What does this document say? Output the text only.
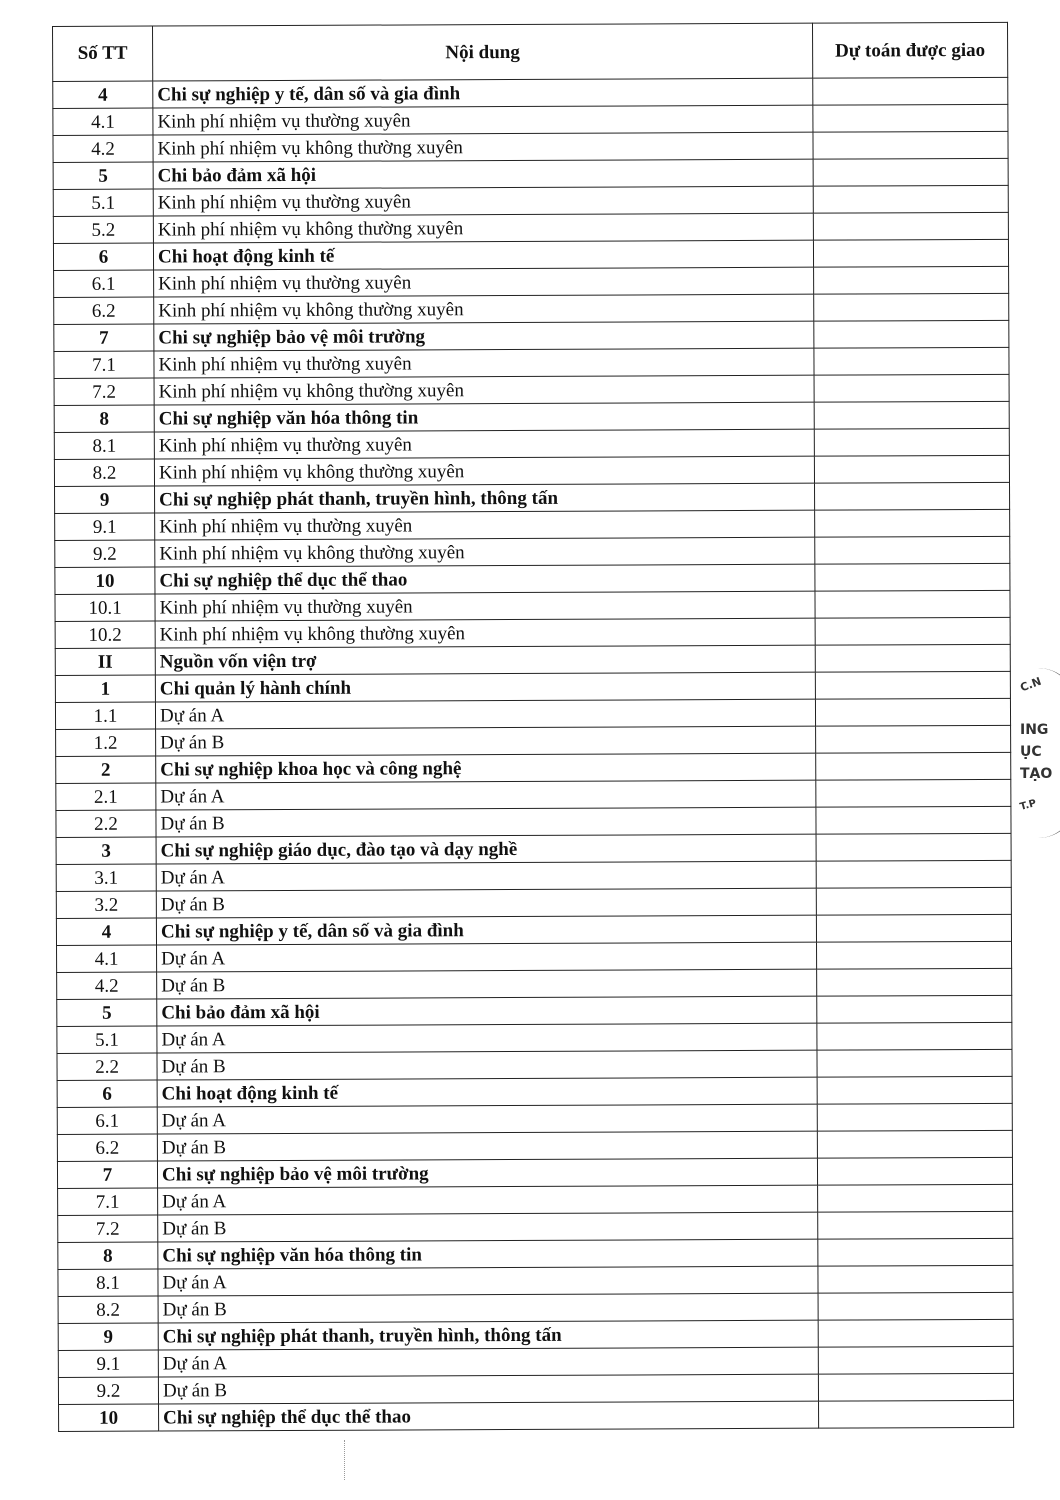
Số TT	Nội dung	Dự toán được giao
4	Chi sự nghiệp y tế, dân số và gia đình	
4.1	Kinh phí nhiệm vụ thường xuyên	
4.2	Kinh phí nhiệm vụ không thường xuyên	
5	Chi bảo đảm xã hội	
5.1	Kinh phí nhiệm vụ thường xuyên	
5.2	Kinh phí nhiệm vụ không thường xuyên	
6	Chi hoạt động kinh tế	
6.1	Kinh phí nhiệm vụ thường xuyên	
6.2	Kinh phí nhiệm vụ không thường xuyên	
7	Chi sự nghiệp bảo vệ môi trường	
7.1	Kinh phí nhiệm vụ thường xuyên	
7.2	Kinh phí nhiệm vụ không thường xuyên	
8	Chi sự nghiệp văn hóa thông tin	
8.1	Kinh phí nhiệm vụ thường xuyên	
8.2	Kinh phí nhiệm vụ không thường xuyên	
9	Chi sự nghiệp phát thanh, truyền hình, thông tấn	
9.1	Kinh phí nhiệm vụ thường xuyên	
9.2	Kinh phí nhiệm vụ không thường xuyên	
10	Chi sự nghiệp thể dục thể thao	
10.1	Kinh phí nhiệm vụ thường xuyên	
10.2	Kinh phí nhiệm vụ không thường xuyên	
II	Nguồn vốn viện trợ	
1	Chi quản lý hành chính	
1.1	Dự án A	
1.2	Dự án B	
2	Chi sự nghiệp khoa học và công nghệ	
2.1	Dự án A	
2.2	Dự án B	
3	Chi sự nghiệp giáo dục, đào tạo và dạy nghề	
3.1	Dự án A	
3.2	Dự án B	
4	Chi sự nghiệp y tế, dân số và gia đình	
4.1	Dự án A	
4.2	Dự án B	
5	Chi bảo đảm xã hội	
5.1	Dự án A	
2.2	Dự án B	
6	Chi hoạt động kinh tế	
6.1	Dự án A	
6.2	Dự án B	
7	Chi sự nghiệp bảo vệ môi trường	
7.1	Dự án A	
7.2	Dự án B	
8	Chi sự nghiệp văn hóa thông tin	
8.1	Dự án A	
8.2	Dự án B	
9	Chi sự nghiệp phát thanh, truyền hình, thông tấn	
9.1	Dự án A	
9.2	Dự án B	
10	Chi sự nghiệp thể dục thể thao	
C.N
ING
ỤC
TẠO
T.P
